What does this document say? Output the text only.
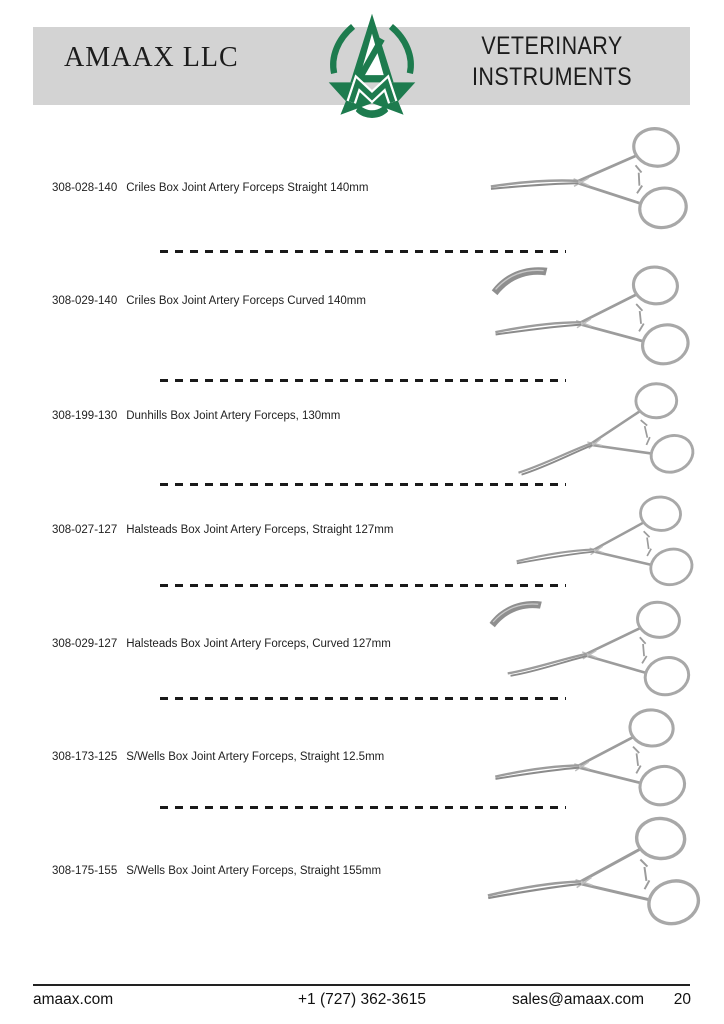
AMAAX LLC	VETERINARY
INSTRUMENTS
308-028-140 Criles Box Joint Artery Forceps Straight 140mm
308-029-140 Criles Box Joint Artery Forceps Curved 140mm
308-199-130 Dunhills Box Joint Artery Forceps, 130mm
308-027-127 Halsteads Box Joint Artery Forceps, Straight 127mm
308-029-127 Halsteads Box Joint Artery Forceps, Curved 127mm
308-173-125 S/Wells Box Joint Artery Forceps, Straight 12.5mm
308-175-155 S/Wells Box Joint Artery Forceps, Straight 155mm
amaax.com	+1 (727) 362-3615	sales@amaax.com 20
